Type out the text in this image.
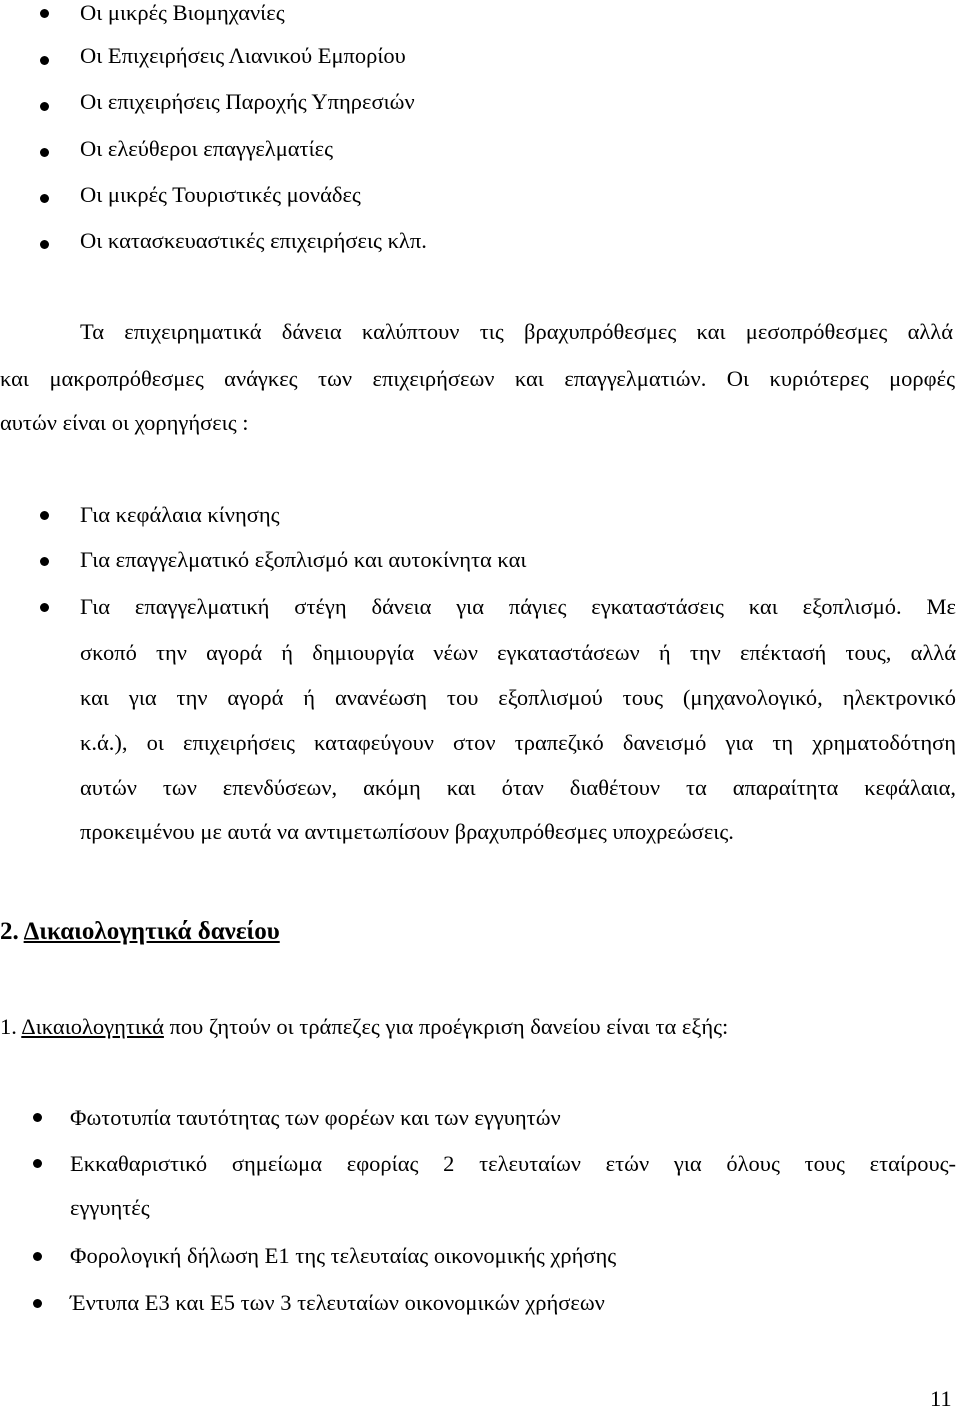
Οι μικρές Βιομηχανίες
Οι Επιχειρήσεις Λιανικού Εμπορίου
Οι επιχειρήσεις Παροχής Υπηρεσιών
Οι ελεύθεροι επαγγελματίες
Οι μικρές Τουριστικές μονάδες
Οι κατασκευαστικές επιχειρήσεις κλπ.
Τα επιχειρηματικά δάνεια καλύπτουν τις βραχυπρόθεσμες και μεσοπρόθεσμες αλλά
και μακροπρόθεσμες ανάγκες των επιχειρήσεων και επαγγελματιών. Οι κυριότερες μορφές
αυτών είναι οι χορηγήσεις :
Για κεφάλαια κίνησης
Για επαγγελματικό εξοπλισμό και αυτοκίνητα και
Για επαγγελματική στέγη δάνεια για πάγιες εγκαταστάσεις και εξοπλισμό. Με
σκοπό την αγορά ή δημιουργία νέων εγκαταστάσεων ή την επέκτασή τους, αλλά
και για την αγορά ή ανανέωση του εξοπλισμού τους (μηχανολογικό, ηλεκτρονικό
κ.ά.), οι επιχειρήσεις καταφεύγουν στον τραπεζικό δανεισμό για τη χρηματοδότηση
αυτών των επενδύσεων, ακόμη και όταν διαθέτουν τα απαραίτητα κεφάλαια,
προκειμένου με αυτά να αντιμετωπίσουν βραχυπρόθεσμες υποχρεώσεις.
2. Δικαιολογητικά δανείου
1. Δικαιολογητικά που ζητούν οι τράπεζες για προέγκριση δανείου είναι τα εξής:
Φωτοτυπία ταυτότητας των φορέων και των εγγυητών
Εκκαθαριστικό σημείωμα εφορίας 2 τελευταίων ετών για όλους τους εταίρους-
εγγυητές
Φορολογική δήλωση Ε1 της τελευταίας οικονομικής χρήσης
Έντυπα Ε3 και Ε5 των 3 τελευταίων οικονομικών χρήσεων
11
